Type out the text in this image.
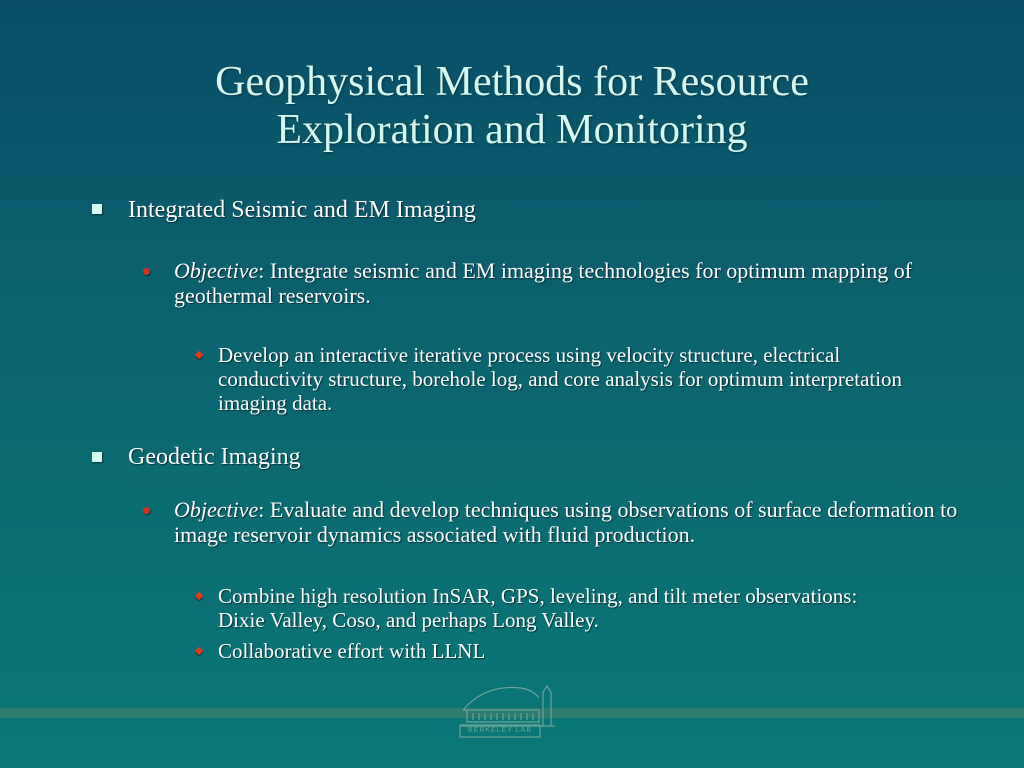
Geophysical Methods for Resource
Exploration and Monitoring
Integrated Seismic and EM Imaging
Objective: Integrate seismic and EM imaging technologies for optimum mapping of geothermal reservoirs.
Develop an interactive iterative process using velocity structure, electrical conductivity structure, borehole log, and core analysis for optimum interpretation imaging data.
Geodetic Imaging
Objective: Evaluate and develop techniques using observations of surface deformation to image reservoir dynamics associated with fluid production.
Combine high resolution InSAR, GPS, leveling, and tilt meter observations: Dixie Valley, Coso, and perhaps Long Valley.
Collaborative effort with LLNL
BERKELEY LAB
